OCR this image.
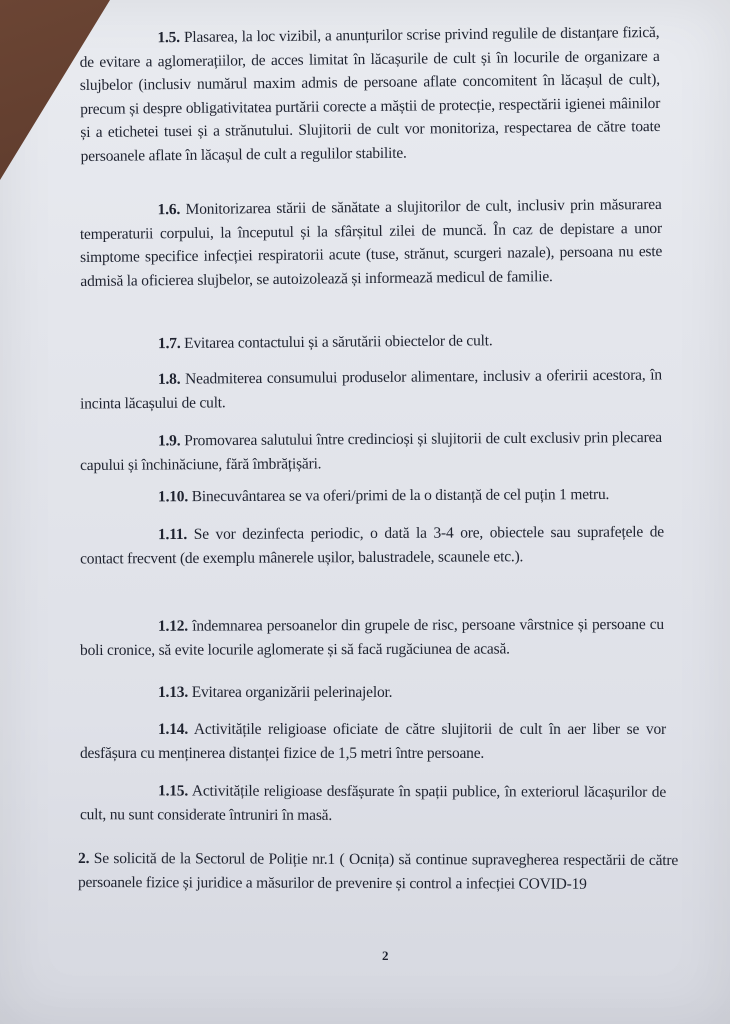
1.5. Plasarea, la loc vizibil, a anunțurilor scrise privind regulile de distanțare fizică, de evitare a aglomerațiilor, de acces limitat în lăcașurile de cult și în locurile de organizare a slujbelor (inclusiv numărul maxim admis de persoane aflate concomitent în lăcașul de cult), precum și despre obligativitatea purtării corecte a măștii de protecție, respectării igienei mâinilor și a etichetei tusei și a strănutului. Slujitorii de cult vor monitoriza, respectarea de către toate persoanele aflate în lăcașul de cult a regulilor stabilite.

1.6. Monitorizarea stării de sănătate a slujitorilor de cult, inclusiv prin măsurarea temperaturii corpului, la începutul și la sfârșitul zilei de muncă. În caz de depistare a unor simptome specifice infecției respiratorii acute (tuse, strănut, scurgeri nazale), persoana nu este admisă la oficierea slujbelor, se autoizolează și informează medicul de familie.

1.7. Evitarea contactului și a sărutării obiectelor de cult.

1.8. Neadmiterea consumului produselor alimentare, inclusiv a oferirii acestora, în incinta lăcașului de cult.

1.9. Promovarea salutului între credincioși și slujitorii de cult exclusiv prin plecarea capului și închinăciune, fără îmbrățișări.

1.10. Binecuvântarea se va oferi/primi de la o distanță de cel puțin 1 metru.

1.11. Se vor dezinfecta periodic, o dată la 3-4 ore, obiectele sau suprafețele de contact frecvent (de exemplu mânerele ușilor, balustradele, scaunele etc.).

1.12. îndemnarea persoanelor din grupele de risc, persoane vârstnice și persoane cu boli cronice, să evite locurile aglomerate și să facă rugăciunea de acasă.

1.13. Evitarea organizării pelerinajelor.

1.14. Activitățile religioase oficiate de către slujitorii de cult în aer liber se vor desfășura cu menținerea distanței fizice de 1,5 metri între persoane.

1.15. Activitățile religioase desfășurate în spații publice, în exteriorul lăcașurilor de cult, nu sunt considerate întruniri în masă.

2. Se solicită de la Sectorul de Poliție nr.1 ( Ocnița) să continue supravegherea respectării de către persoanele fizice și juridice a măsurilor de prevenire și control a infecției COVID-19

2
